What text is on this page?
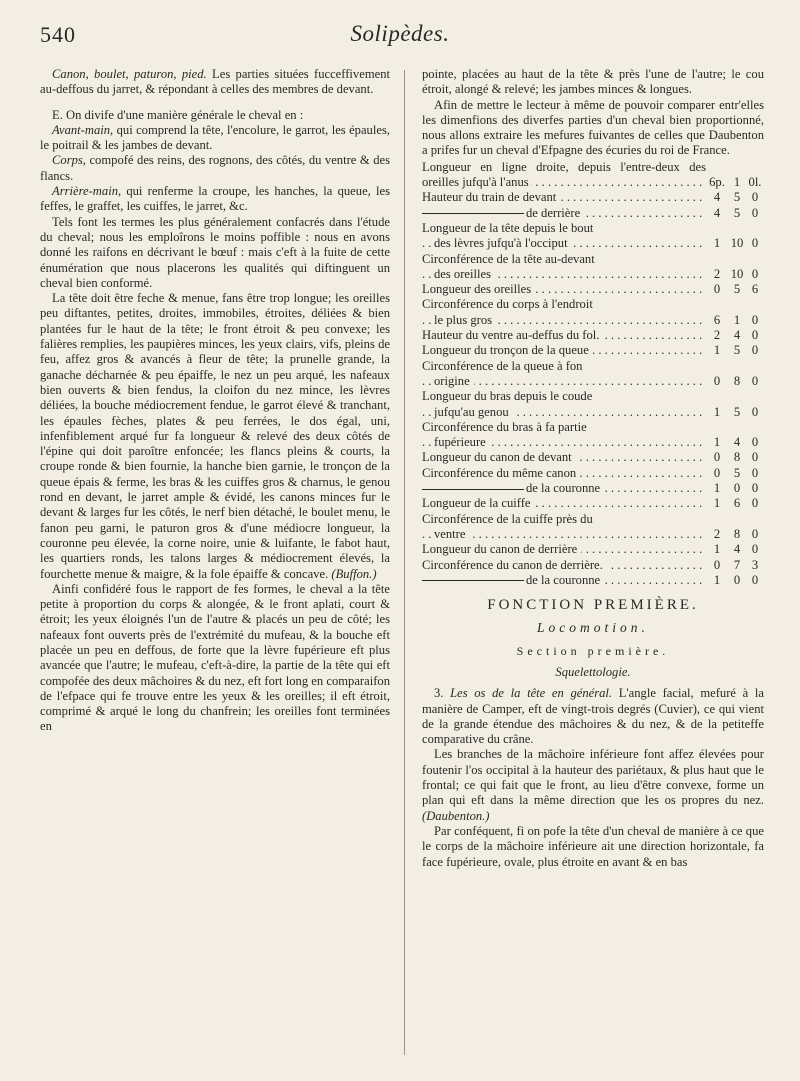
540	Solipèdes.

Canon, boulet, paturon, pied. Les parties situées fucceffivement au-deffous du jarret, & répondant à celles des membres de devant.

E. On divife d'une manière générale le cheval en :

Avant-main, qui comprend la tête, l'encolure, le garrot, les épaules, le poitrail & les jambes de devant.

Corps, compofé des reins, des rognons, des côtés, du ventre & des flancs.

Arrière-main, qui renferme la croupe, les hanches, la queue, les feffes, le graffet, les cuiffes, le jarret, &c.

Tels font les termes les plus généralement confacrés dans l'étude du cheval; nous les emploîrons le moins poffible : nous en avons donné les raifons en décrivant le bœuf : mais c'eft à la fuite de cette énumération que nous placerons les qualités qui diftinguent un cheval bien conformé.

La tête doit être feche & menue, fans être trop longue; les oreilles peu diftantes, petites, droites, immobiles, étroites, déliées & bien plantées fur le haut de la tête; le front étroit & peu convexe; les falières remplies, les paupières minces, les yeux clairs, vifs, pleins de feu, affez gros & avancés à fleur de tête; la prunelle grande, la ganache décharnée & peu épaiffe, le nez un peu arqué, les nafeaux bien ouverts & bien fendus, la cloifon du nez mince, les lèvres déliées, la bouche médiocrement fendue, le garrot élevé & tranchant, les épaules fèches, plates & peu ferrées, le dos égal, uni, infenfiblement arqué fur fa longueur & relevé des deux côtés de l'épine qui doit paroître enfoncée; les flancs pleins & courts, la croupe ronde & bien fournie, la hanche bien garnie, le tronçon de la queue épais & ferme, les bras & les cuiffes gros & charnus, le genou rond en devant, le jarret ample & évidé, les canons minces fur le devant & larges fur les côtés, le nerf bien détaché, le boulet menu, le fanon peu garni, le paturon gros & d'une médiocre longueur, la couronne peu élevée, la corne noire, unie & luifante, le fabot haut, les quartiers ronds, les talons larges & médiocrement élevés, la fourchette menue & maigre, & la fole épaiffe & concave. (Buffon.)

Ainfi confidéré fous le rapport de fes formes, le cheval a la tête petite à proportion du corps & alongée, & le front aplati, court & étroit; les yeux éloignés l'un de l'autre & placés un peu de côté; les nafeaux font ouverts près de l'extrémité du mufeau, & la bouche eft placée un peu en deffous, de forte que la lèvre fupérieure eft plus avancée que l'autre; le mufeau, c'eft-à-dire, la partie de la tête qui eft compofée des deux mâchoires & du nez, eft fort long en comparaifon de l'efpace qui fe trouve entre les yeux & les oreilles; il eft étroit, comprimé & arqué le long du chanfrein; les oreilles font terminées en

pointe, placées au haut de la tête & près l'une de l'autre; le cou étroit, alongé & relevé; les jambes minces & longues.

Afin de mettre le lecteur à même de pouvoir comparer entr'elles les dimenfions des diverfes parties d'un cheval bien proportionné, nous allons extraire les mefures fuivantes de celles que Daubenton a prifes fur un cheval d'Efpagne des écuries du roi de France.

Longueur en ligne droite, depuis l'entre-deux des oreilles jufqu'à l'anus . . .	6p. 1 0l.
Hauteur du train de devant . . .	4	5 0
de derrière . . .	4	5 0
Longueur de la tête depuis le bout
des lèvres jufqu'à l'occiput . . .	1 10 0
Circonférence de la tête au-devant
des oreilles . . .	2 10 0
Longueur des oreilles . . .	0	5 6
Circonférence du corps à l'endroit
le plus gros . . .	6	1 0
Hauteur du ventre au-deffus du fol. . . .	2	4 0
Longueur du tronçon de la queue . . .	1	5 0
Circonférence de la queue à fon
origine . . .	0	8 0
Longueur du bras depuis le coude
jufqu'au genou . . .	1	5 0
Circonférence du bras à fa partie
fupérieure . . .	1	4 0
Longueur du canon de devant . . .	0	8 0
Circonférence du même canon . . .	0	5 0
de la couronne . . .	1	0 0
Longueur de la cuiffe . . .	1	6 0
Circonférence de la cuiffe près du
ventre . . .	2	8 0
Longueur du canon de derrière . . .	1	4 0
Circonférence du canon de derrière. . . .	0	7 3
de la couronne . . .	1	0 0
FONCTION PREMIÈRE.
Locomotion.
Section première.
Squelettologie.

3. Les os de la tête en général. L'angle facial, mefuré à la manière de Camper, eft de vingt-trois degrés (Cuvier), ce qui vient de la grande étendue des mâchoires & du nez, & de la petiteffe comparative du crâne.

Les branches de la mâchoire inférieure font affez élevées pour foutenir l'os occipital à la hauteur des pariétaux, & plus haut que le frontal; ce qui fait que le front, au lieu d'être convexe, forme un plan qui eft dans la même direction que les os propres du nez. (Daubenton.)

Par conféquent, fi on pofe la tête d'un cheval de manière à ce que le corps de la mâchoire inférieure ait une direction horizontale, fa face fupérieure, ovale, plus étroite en avant & en bas
